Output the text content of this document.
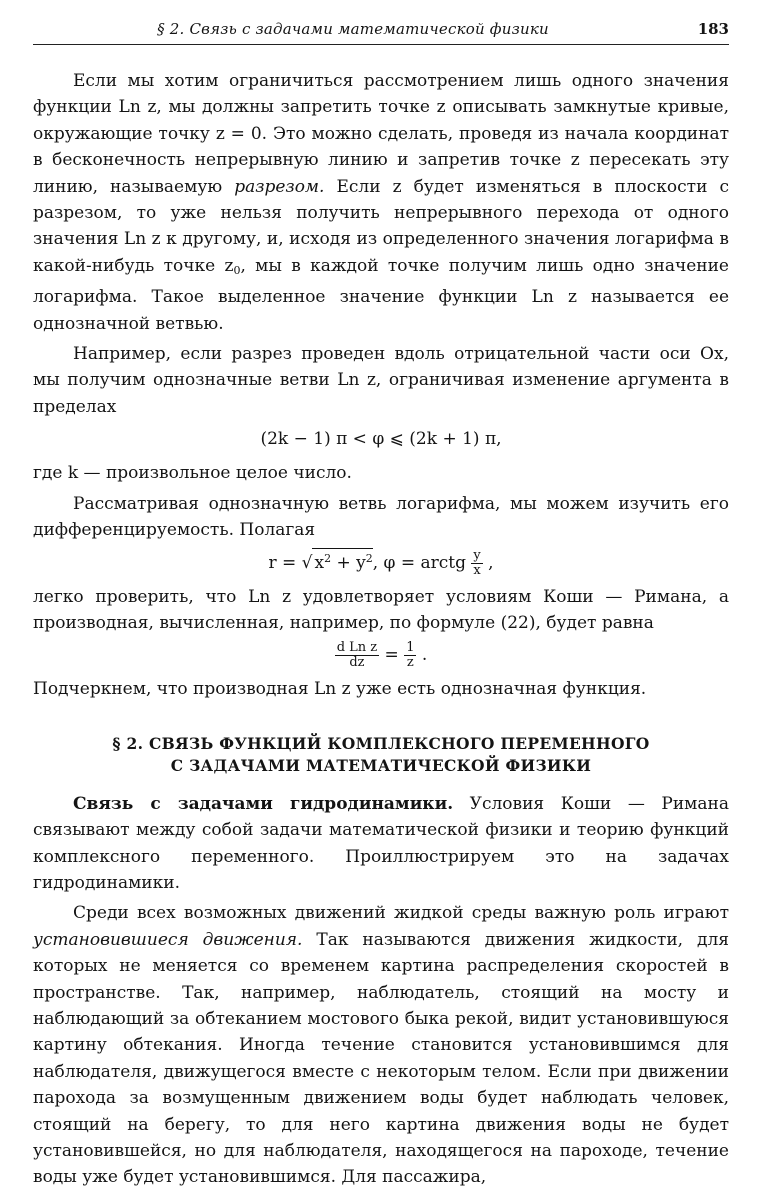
§ 2. Связь с задачами математической физики	183

Если мы хотим ограничиться рассмотрением лишь одного значения функции Ln z, мы должны запретить точке z описывать замкнутые кривые, окружающие точку z = 0. Это можно сделать, проведя из начала координат в бесконечность непрерывную линию и запретив точке z пересекать эту линию, называемую разрезом. Если z будет изменяться в плоскости с разрезом, то уже нельзя получить непрерывного перехода от одного значения Ln z к другому, и, исходя из определенного значения логарифма в какой-нибудь точке $z_0$, мы в каждой точке получим лишь одно значение логарифма. Такое выделенное значение функции Ln z называется ее однозначной ветвью.

Например, если разрез проведен вдоль отрицательной части оси Ox, мы получим однозначные ветви Ln z, ограничивая изменение аргумента в пределах

(2k − 1) π < φ ⩽ (2k + 1) π,

где k — произвольное целое число.

Рассматривая однозначную ветвь логарифма, мы можем изучить его дифференцируемость. Полагая

r = √ $x^2 + y^2$, φ = arctg $\frac{y}{x}$ ,

легко проверить, что Ln z удовлетворяет условиям Коши — Римана, а производная, вычисленная, например, по формуле (22), будет равна

$\frac{\text{d Ln z}}{dz} = \frac{1}{z}$ .

Подчеркнем, что производная Ln z уже есть однозначная функция.

§ 2. СВЯЗЬ ФУНКЦИЙ КОМПЛЕКСНОГО ПЕРЕМЕННОГО
С ЗАДАЧАМИ МАТЕМАТИЧЕСКОЙ ФИЗИКИ

Связь с задачами гидродинамики. Условия Коши — Римана связывают между собой задачи математической физики и теорию функций комплексного переменного. Проиллюстрируем это на задачах гидродинамики.

Среди всех возможных движений жидкой среды важную роль играют установившиеся движения. Так называются движения жидкости, для которых не меняется со временем картина распределения скоростей в пространстве. Так, например, наблюдатель, стоящий на мосту и наблюдающий за обтеканием мостового быка рекой, видит установившуюся картину обтекания. Иногда течение становится установившимся для наблюдателя, движущегося вместе с некоторым телом. Если при движении парохода за возмущенным движением воды будет наблюдать человек, стоящий на берегу, то для него картина движения воды не будет установившейся, но для наблюдателя, находящегося на пароходе, течение воды уже будет установившимся. Для пассажира,
